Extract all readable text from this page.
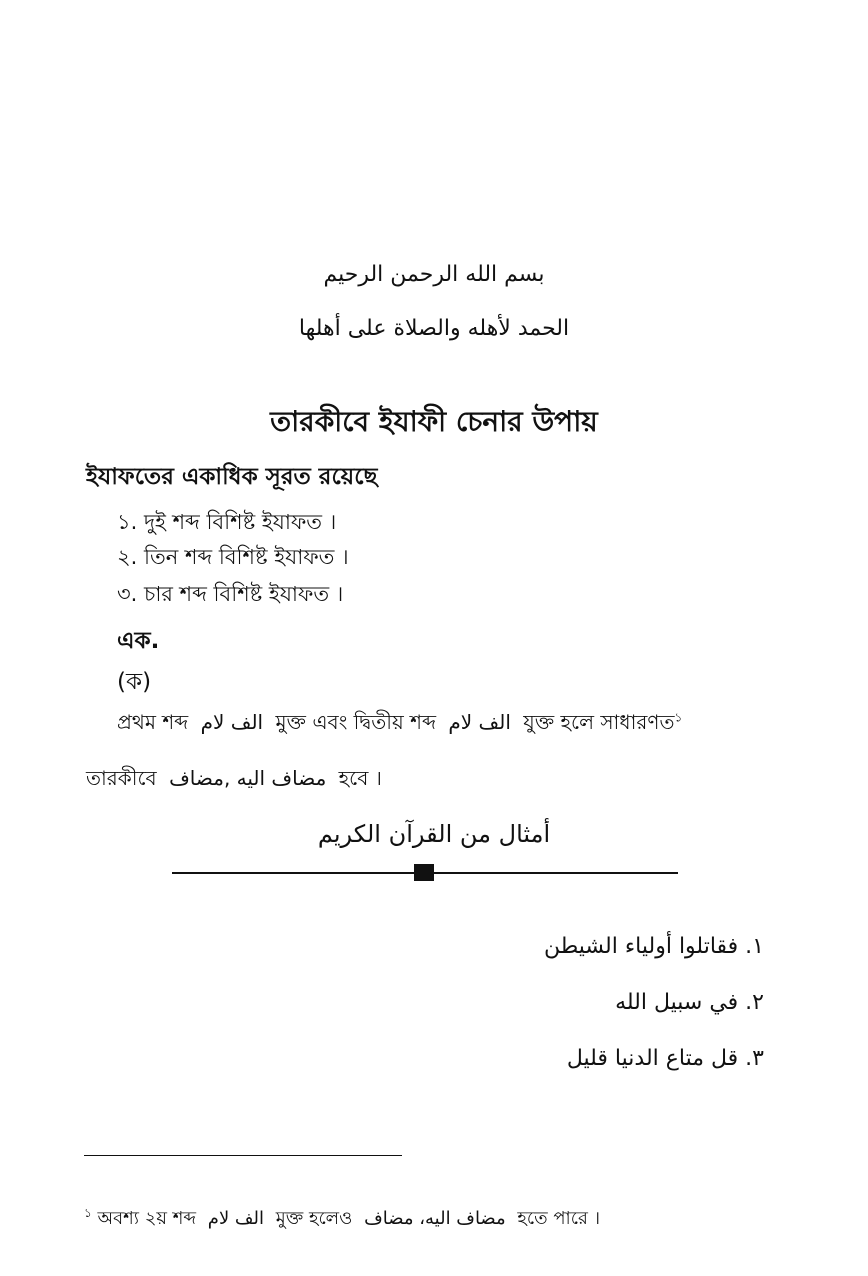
بسم الله الرحمن الرحيم
الحمد لأهله والصلاة على أهلها
তারকীবে ইযাফী চেনার উপায়
ইযাফতের একাধিক সূরত রয়েছে
১. দুই শব্দ বিশিষ্ট ইযাফত ।
২. তিন শব্দ বিশিষ্ট ইযাফত ।
৩. চার শব্দ বিশিষ্ট ইযাফত ।
এক.
(ক)
প্রথম শব্দ الف لام মুক্ত এবং দ্বিতীয় শব্দ الف لام যুক্ত হলে সাধারণত$^১$
তারকীবে مضاف اليه ,مضاف হবে ।
أمثال من القرآن الكريم
١. فقاتلوا أولياء الشيطن
٢. في سبيل الله
٣. قل متاع الدنيا قليل
$^১$ অবশ্য ২য় শব্দ الف لام মুক্ত হলেও مضاف اليه، مضاف হতে পারে ।
